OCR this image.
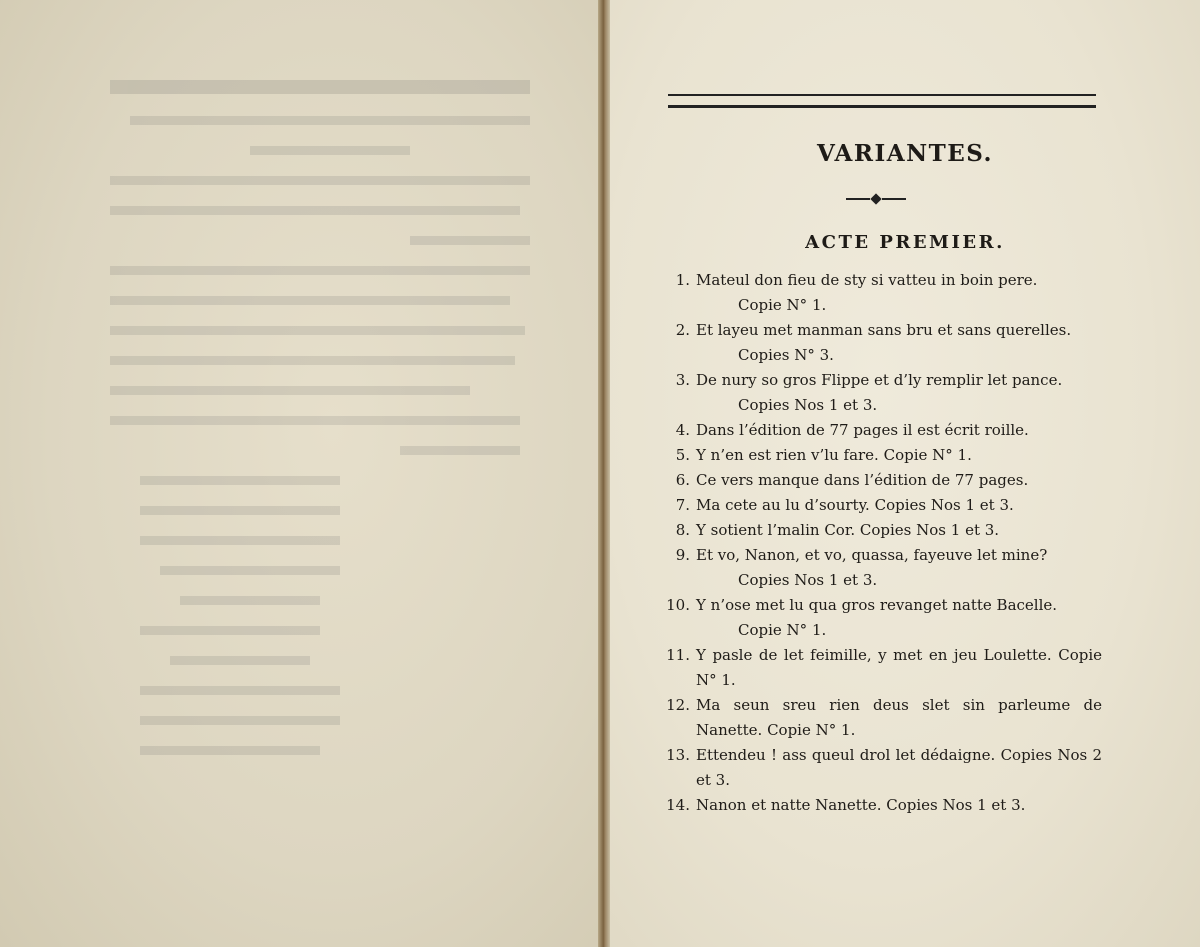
VARIANTES.
ACTE PREMIER.
1. Mateul don fieu de sty si vatteu in boin pere.
Copie N° 1.
2. Et layeu met manman sans bru et sans querelles.
Copies N° 3.
3. De nury so gros Flippe et d’ly remplir let pance.
Copies Nos 1 et 3.
4. Dans l’édition de 77 pages il est écrit roille.
5. Y n’en est rien v’lu fare. Copie N° 1.
6. Ce vers manque dans l’édition de 77 pages.
7. Ma cete au lu d’sourty. Copies Nos 1 et 3.
8. Y sotient l’malin Cor. Copies Nos 1 et 3.
9. Et vo, Nanon, et vo, quassa, fayeuve let mine?
Copies Nos 1 et 3.
10. Y n’ose met lu qua gros revanget natte Bacelle.
Copie N° 1.
11. Y pasle de let feimille, y met en jeu Loulette. Copie N° 1.
12. Ma seun sreu rien deus slet sin parleume de Nanette. Copie N° 1.
13. Ettendeu ! ass queul drol let dédaigne. Copies Nos 2 et 3.
14. Nanon et natte Nanette. Copies Nos 1 et 3.
